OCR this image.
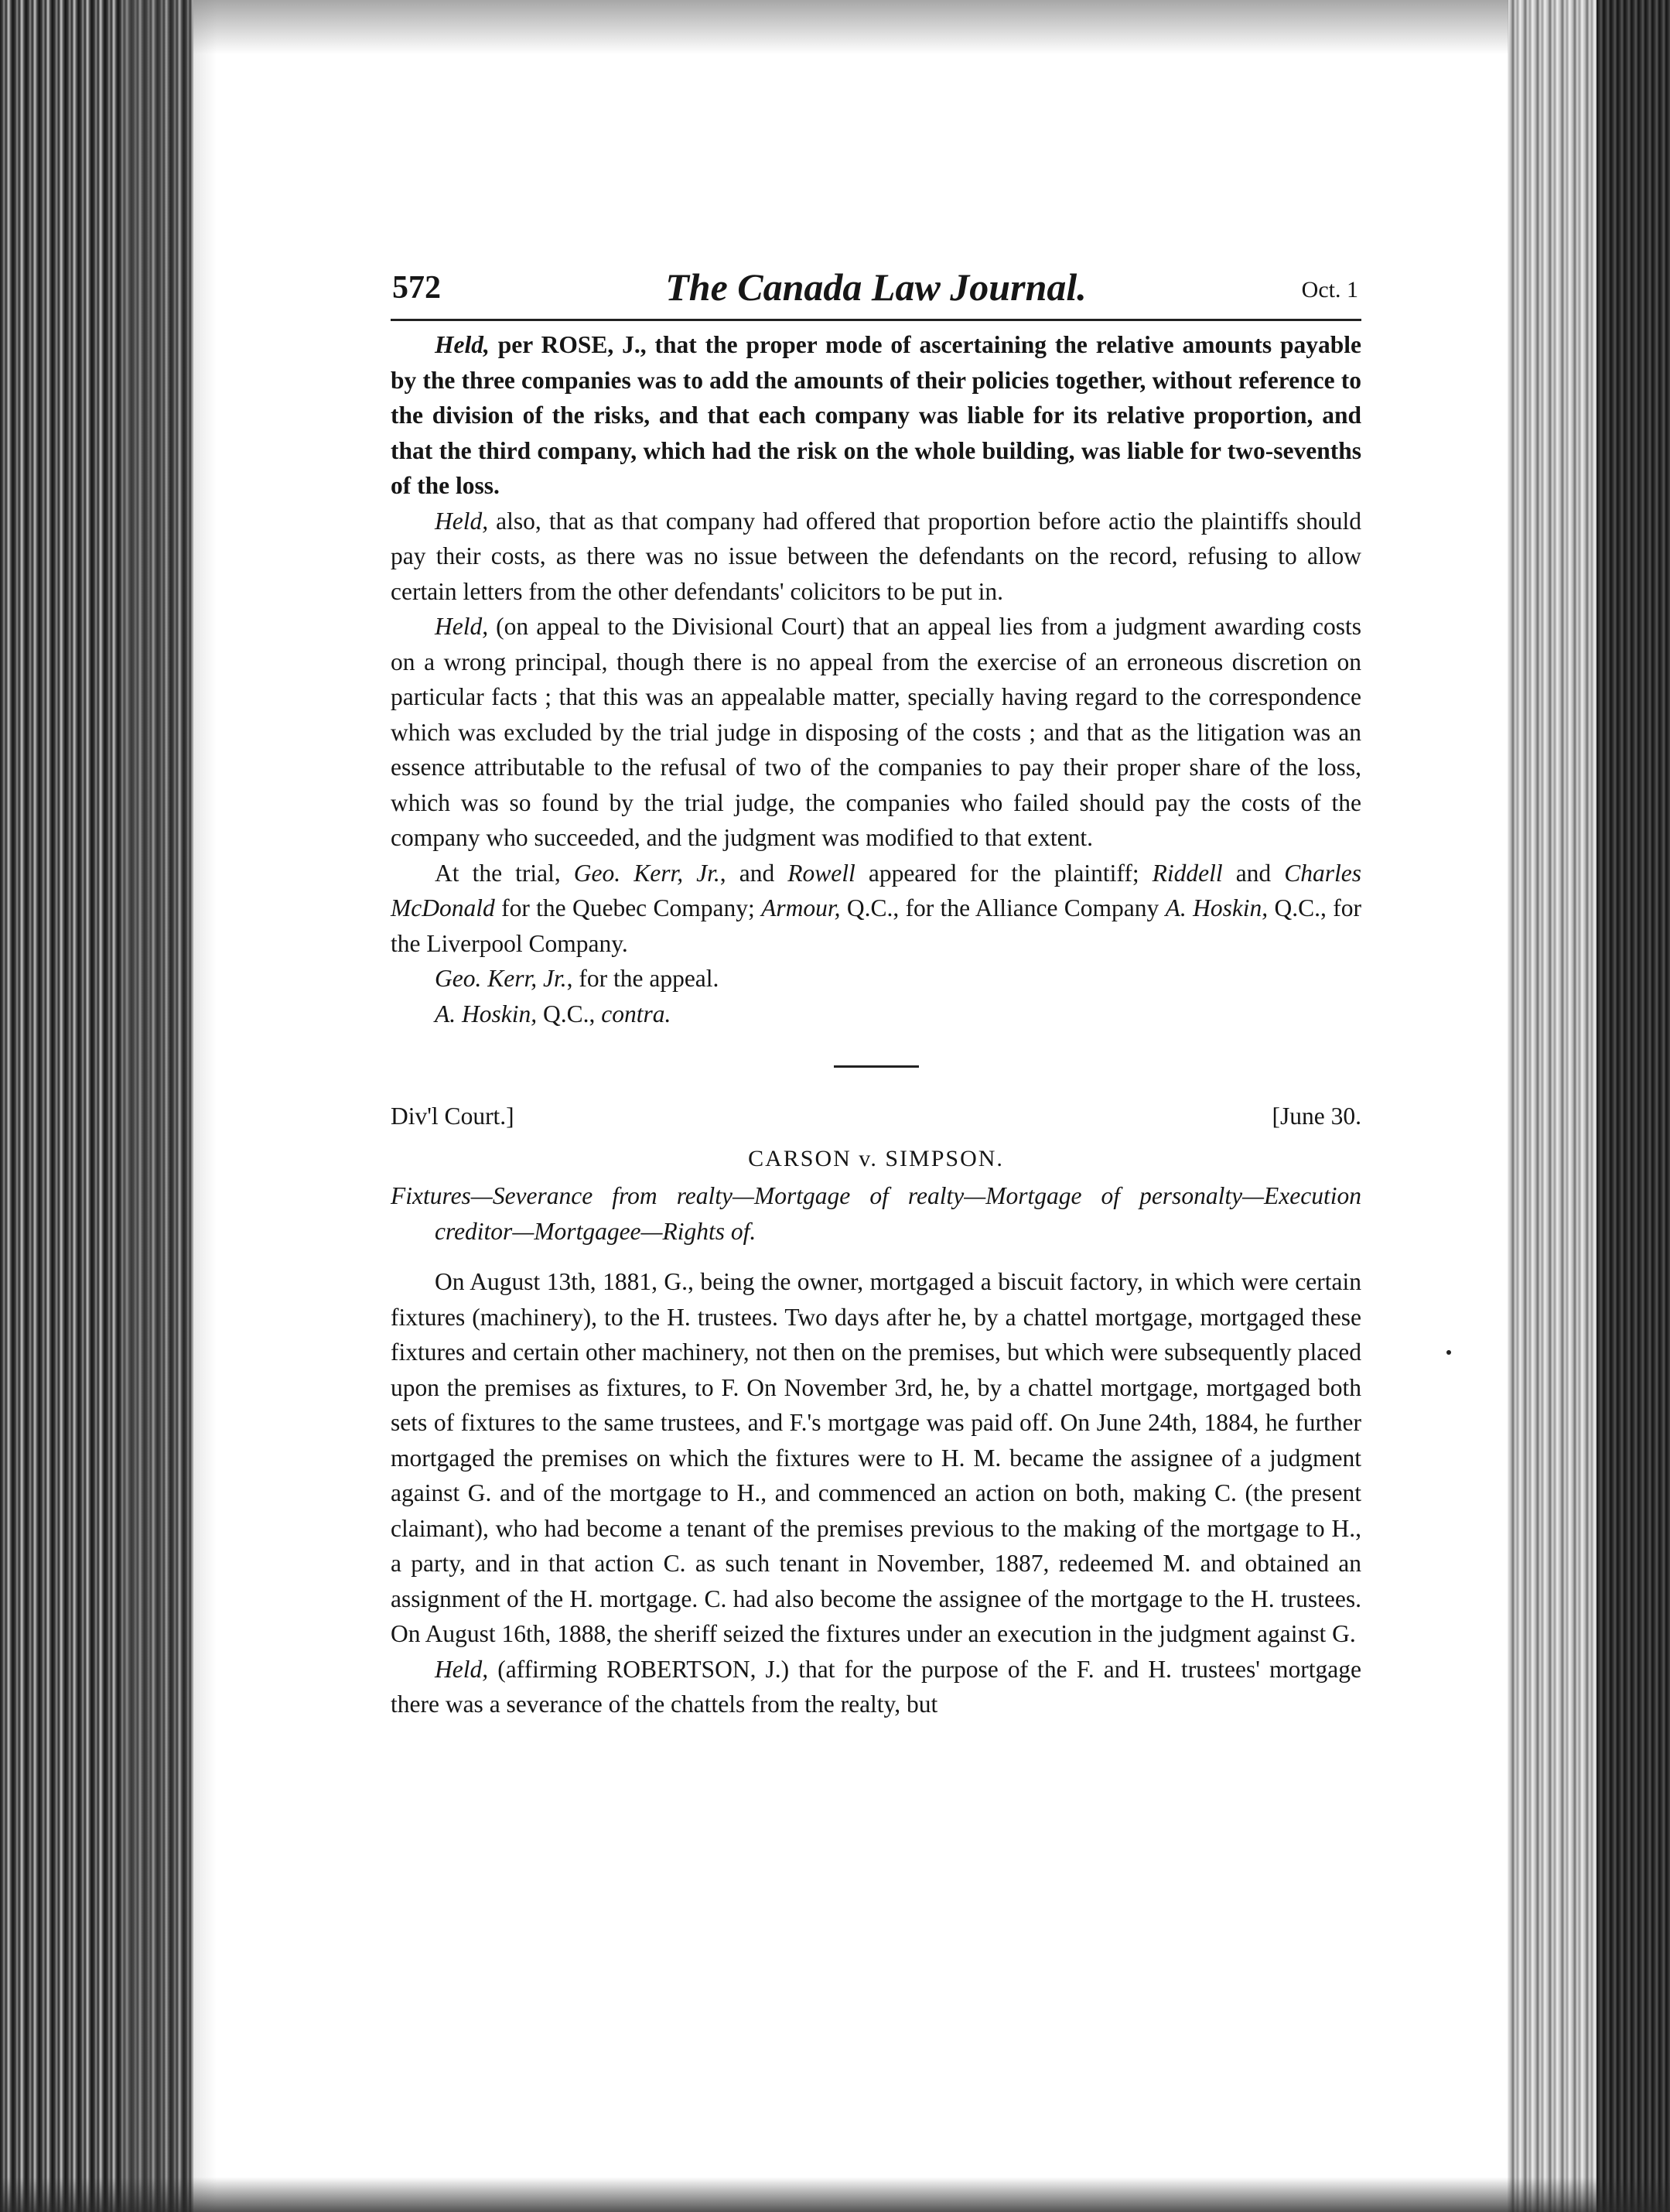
572	The Canada Law Journal.	Oct. 1

Held, per ROSE, J., that the proper mode of ascertaining the relative amounts payable by the three companies was to add the amounts of their policies together, without reference to the division of the risks, and that each company was liable for its relative proportion, and that the third company, which had the risk on the whole building, was liable for two-sevenths of the loss.

Held, also, that as that company had offered that proportion before actio the plaintiffs should pay their costs, as there was no issue between the defendants on the record, refusing to allow certain letters from the other defendants' colicitors to be put in.

Held, (on appeal to the Divisional Court) that an appeal lies from a judgment awarding costs on a wrong principal, though there is no appeal from the exercise of an erroneous discretion on particular facts ; that this was an appealable matter, specially having regard to the correspondence which was excluded by the trial judge in disposing of the costs ; and that as the litigation was an essence attributable to the refusal of two of the companies to pay their proper share of the loss, which was so found by the trial judge, the companies who failed should pay the costs of the company who succeeded, and the judgment was modified to that extent.

At the trial, Geo. Kerr, Jr., and Rowell appeared for the plaintiff; Riddell and Charles McDonald for the Quebec Company; Armour, Q.C., for the Alliance Company A. Hoskin, Q.C., for the Liverpool Company.

Geo. Kerr, Jr., for the appeal.

A. Hoskin, Q.C., contra.

Div'l Court.]	[June 30.
CARSON v. SIMPSON.

Fixtures—Severance from realty—Mortgage of realty—Mortgage of personalty—Execution creditor—Mortgagee—Rights of.

On August 13th, 1881, G., being the owner, mortgaged a biscuit factory, in which were certain fixtures (machinery), to the H. trustees. Two days after he, by a chattel mortgage, mortgaged these fixtures and certain other machinery, not then on the premises, but which were subsequently placed upon the premises as fixtures, to F. On November 3rd, he, by a chattel mortgage, mortgaged both sets of fixtures to the same trustees, and F.'s mortgage was paid off. On June 24th, 1884, he further mortgaged the premises on which the fixtures were to H. M. became the assignee of a judgment against G. and of the mortgage to H., and commenced an action on both, making C. (the present claimant), who had become a tenant of the premises previous to the making of the mortgage to H., a party, and in that action C. as such tenant in November, 1887, redeemed M. and obtained an assignment of the H. mortgage. C. had also become the assignee of the mortgage to the H. trustees. On August 16th, 1888, the sheriff seized the fixtures under an execution in the judgment against G.

Held, (affirming ROBERTSON, J.) that for the purpose of the F. and H. trustees' mortgage there was a severance of the chattels from the realty, but
